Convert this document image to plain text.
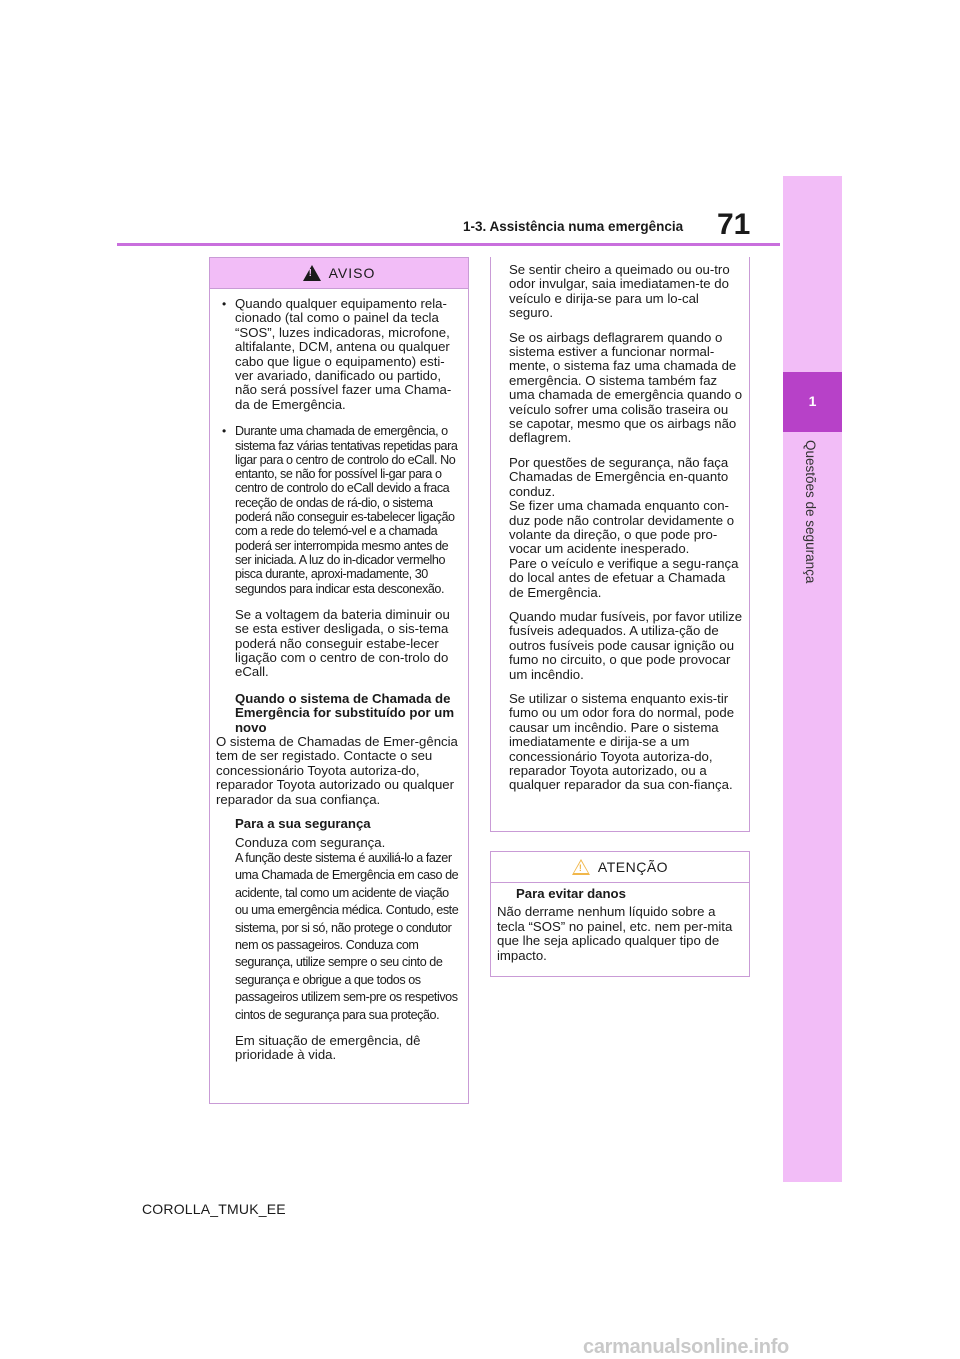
71
1-3. Assistência numa emergência
1
Questões de segurança
!
AVISO

• Quando qualquer equipamento rela-cionado (tal como o painel da tecla “SOS”, luzes indicadoras, microfone, altifalante, DCM, antena ou qualquer cabo que ligue o equipamento) esti-ver avariado, danificado ou partido, não será possível fazer uma Chama-da de Emergência.

• Durante uma chamada de emergência, o sistema faz várias tentativas repetidas para ligar para o centro de controlo do eCall. No entanto, se não for possível li-gar para o centro de controlo do eCall devido a fraca receção de ondas de rá-dio, o sistema poderá não conseguir es-tabelecer ligação com a rede do telemó-vel e a chamada poderá ser interrompida mesmo antes de ser iniciada. A luz do in-dicador vermelho pisca durante, aproxi-madamente, 30 segundos para indicar esta desconexão.

Se a voltagem da bateria diminuir ou se esta estiver desligada, o sis-tema poderá não conseguir estabe-lecer ligação com o centro de con-trolo do eCall.

Quando o sistema de Chamada de Emergência for substituído por um novo

O sistema de Chamadas de Emer-gência tem de ser registado. Contacte o seu concessionário Toyota autoriza-do, reparador Toyota autorizado ou qualquer reparador da sua confiança.

Para a sua segurança

Conduza com segurança.

A função deste sistema é auxiliá-lo a fazer uma Chamada de Emergência em caso de acidente, tal como um acidente de viação ou uma emergência médica. Contudo, este sistema, por si só, não protege o condutor nem os passageiros. Conduza com segurança, utilize sempre o seu cinto de segurança e obrigue a que todos os passageiros utilizem sem-pre os respetivos cintos de segurança para sua proteção.

Em situação de emergência, dê prioridade à vida.

Se sentir cheiro a queimado ou ou-tro odor invulgar, saia imediatamen-te do veículo e dirija-se para um lo-cal seguro.

Se os airbags deflagrarem quando o sistema estiver a funcionar normal-mente, o sistema faz uma chamada de emergência. O sistema também faz uma chamada de emergência quando o veículo sofrer uma colisão traseira ou se capotar, mesmo que os airbags não deflagrem.

Por questões de segurança, não faça Chamadas de Emergência en-quanto conduz.

Se fizer uma chamada enquanto con-duz pode não controlar devidamente o volante da direção, o que pode pro-vocar um acidente inesperado.

Pare o veículo e verifique a segu-rança do local antes de efetuar a Chamada de Emergência.

Quando mudar fusíveis, por favor utilize fusíveis adequados. A utiliza-ção de outros fusíveis pode causar ignição ou fumo no circuito, o que pode provocar um incêndio.

Se utilizar o sistema enquanto exis-tir fumo ou um odor fora do normal, pode causar um incêndio. Pare o sistema imediatamente e dirija-se a um concessionário Toyota autoriza-do, reparador Toyota autorizado, ou a qualquer reparador da sua con-fiança.

!
ATENÇÃO

Para evitar danos

Não derrame nenhum líquido sobre a tecla “SOS” no painel, etc. nem per-mita que lhe seja aplicado qualquer tipo de impacto.

COROLLA_TMUK_EE
carmanualsonline.info
